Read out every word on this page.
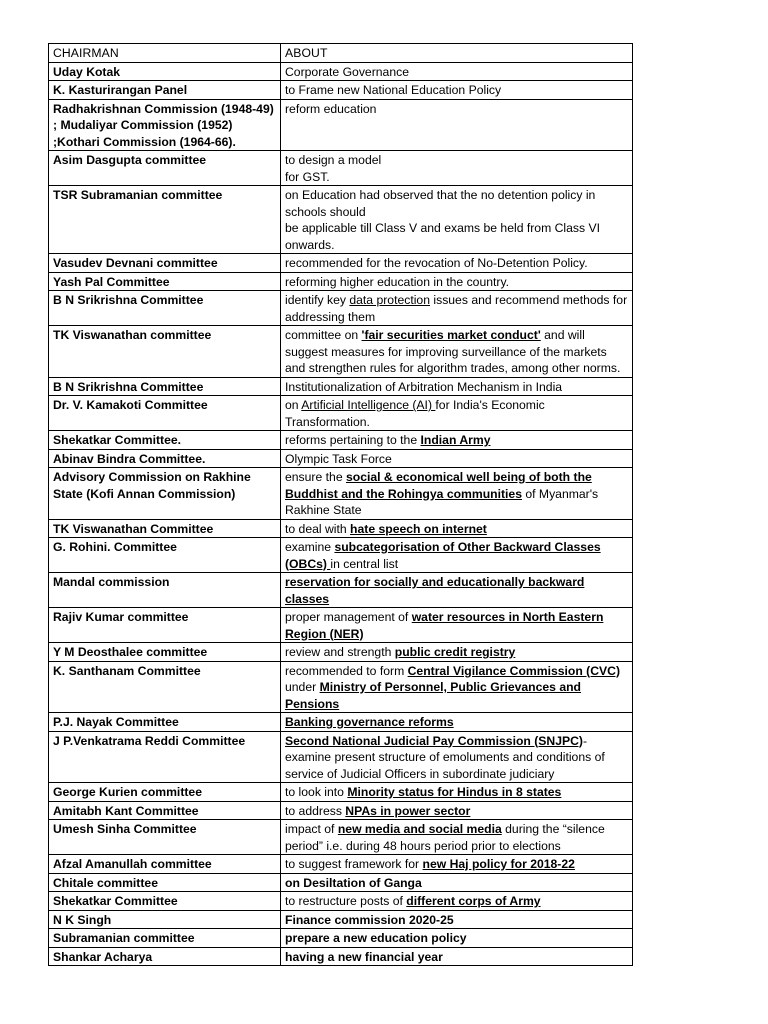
CHAIRMAN	ABOUT
Uday Kotak	Corporate Governance
K. Kasturirangan Panel	to Frame new National Education Policy
Radhakrishnan Commission (1948-49) ; Mudaliyar Commission (1952) ;Kothari Commission (1964-66).	reform education
Asim Dasgupta committee	to design a model
for GST.
TSR Subramanian committee	on Education had observed that the no detention policy in schools should
be applicable till Class V and exams be held from Class VI onwards.
Vasudev Devnani committee	recommended for the revocation of No-Detention Policy.
Yash Pal Committee	reforming higher education in the country.
B N Srikrishna Committee	identify key data protection issues and recommend methods for addressing them
TK Viswanathan committee	committee on 'fair securities market conduct' and will suggest measures for improving surveillance of the markets and strengthen rules for algorithm trades, among other norms.
B N Srikrishna Committee	Institutionalization of Arbitration Mechanism in India
Dr. V. Kamakoti Committee	on Artificial Intelligence (AI) for India's Economic Transformation.
Shekatkar Committee.	reforms pertaining to the Indian Army
Abinav Bindra Committee.	Olympic Task Force
Advisory Commission on Rakhine State (Kofi Annan Commission)	ensure the social & economical well being of both the Buddhist and the Rohingya communities of Myanmar's Rakhine State
TK Viswanathan Committee	to deal with hate speech on internet
G. Rohini. Committee	examine subcategorisation of Other Backward Classes (OBCs) in central list
Mandal commission	reservation for socially and educationally backward classes
Rajiv Kumar committee	proper management of water resources in North Eastern Region (NER)
Y M Deosthalee committee	review and strength public credit registry
K. Santhanam Committee	recommended to form Central Vigilance Commission (CVC) under Ministry of Personnel, Public Grievances and Pensions
P.J. Nayak Committee	Banking governance reforms
J P.Venkatrama Reddi Committee	Second National Judicial Pay Commission (SNJPC)- examine present structure of emoluments and conditions of service of Judicial Officers in subordinate judiciary
George Kurien committee	to look into Minority status for Hindus in 8 states
Amitabh Kant Committee	to address NPAs in power sector
Umesh Sinha Committee	impact of new media and social media during the “silence period” i.e. during 48 hours period prior to elections
Afzal Amanullah committee	to suggest framework for new Haj policy for 2018-22
Chitale committee	on Desiltation of Ganga
Shekatkar Committee	to restructure posts of different corps of Army
N K Singh	Finance commission 2020-25
Subramanian committee	prepare a new education policy
Shankar Acharya	having a new financial year
